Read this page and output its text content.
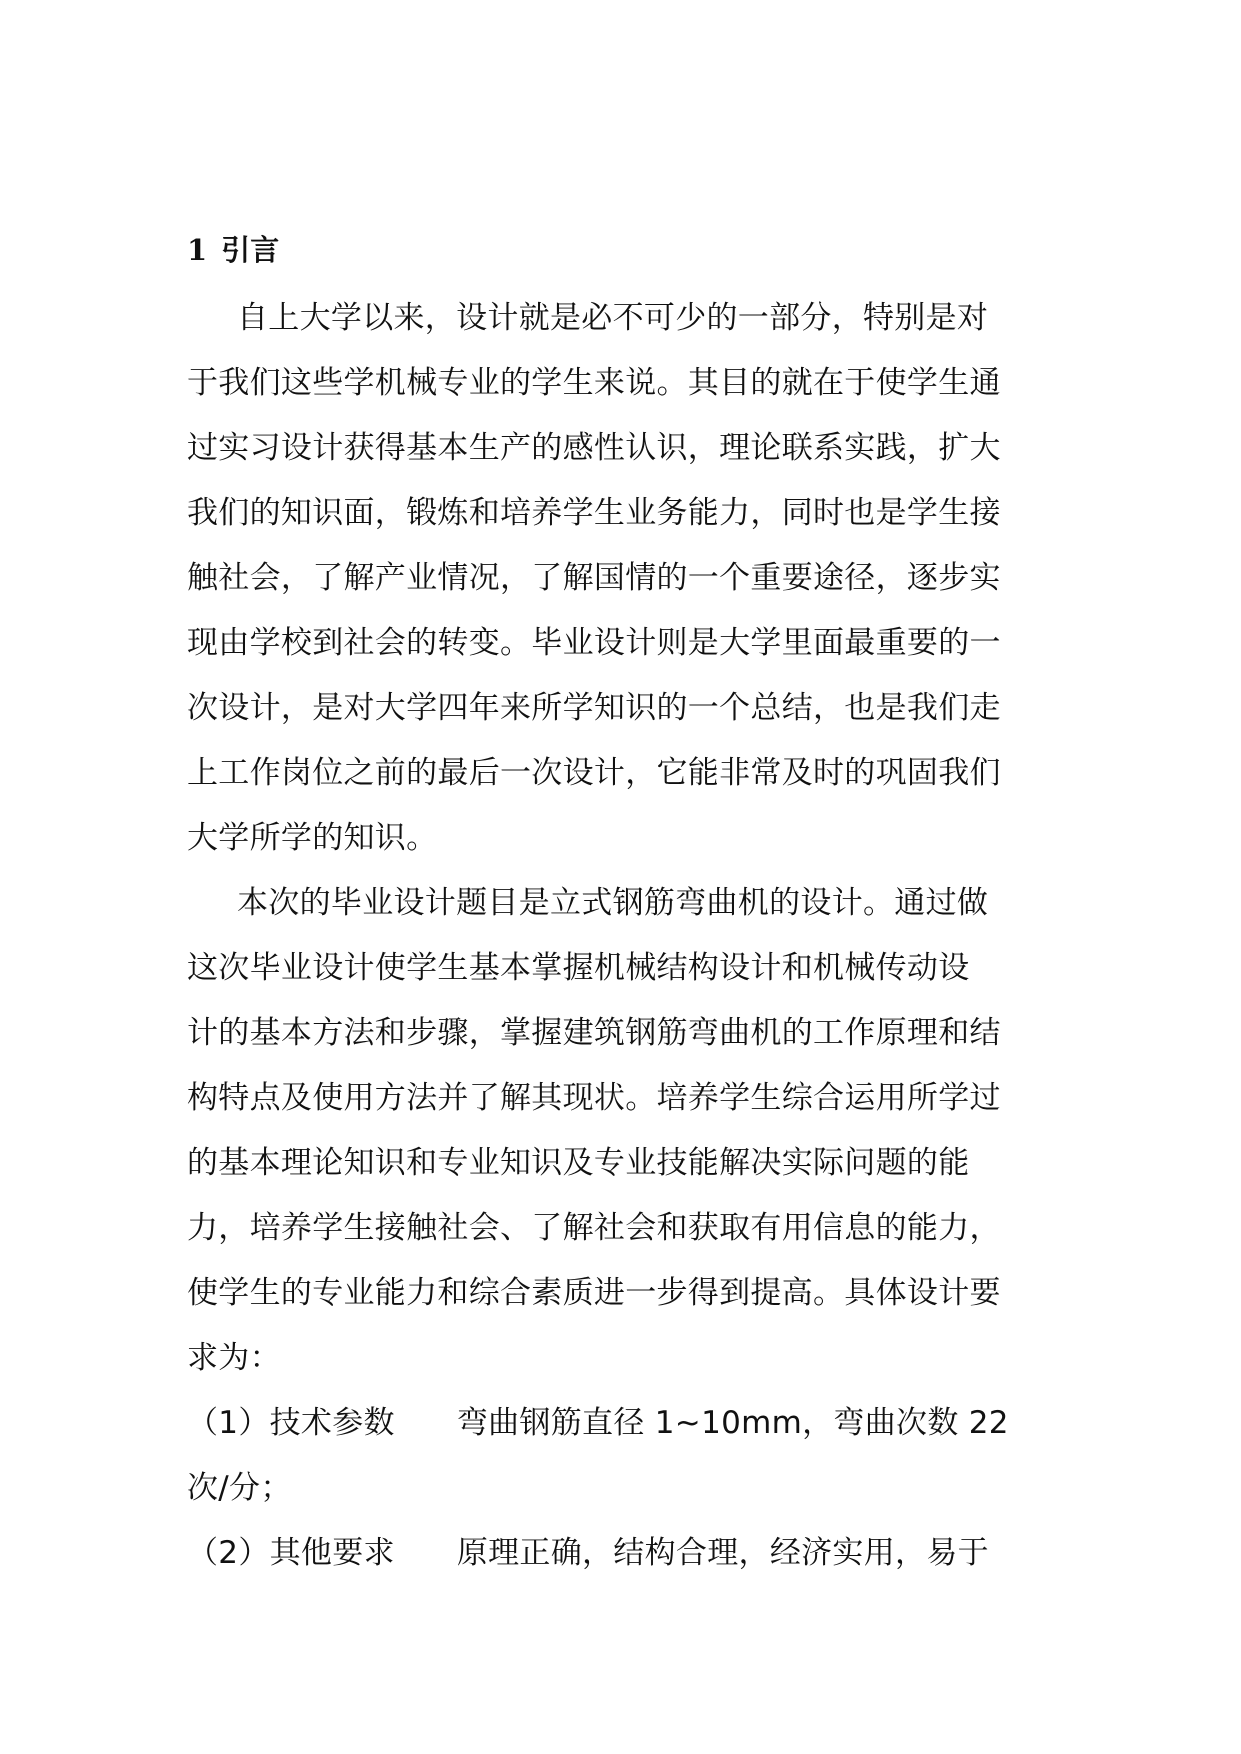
1 引言
自上大学以来，设计就是必不可少的一部分，特别是对
于我们这些学机械专业的学生来说。其目的就在于使学生通
过实习设计获得基本生产的感性认识，理论联系实践，扩大
我们的知识面，锻炼和培养学生业务能力，同时也是学生接
触社会，了解产业情况，了解国情的一个重要途径，逐步实
现由学校到社会的转变。毕业设计则是大学里面最重要的一
次设计，是对大学四年来所学知识的一个总结，也是我们走
上工作岗位之前的最后一次设计，它能非常及时的巩固我们
大学所学的知识。
本次的毕业设计题目是立式钢筋弯曲机的设计。通过做
这次毕业设计使学生基本掌握机械结构设计和机械传动设
计的基本方法和步骤，掌握建筑钢筋弯曲机的工作原理和结
构特点及使用方法并了解其现状。培养学生综合运用所学过
的基本理论知识和专业知识及专业技能解决实际问题的能
力，培养学生接触社会、了解社会和获取有用信息的能力，
使学生的专业能力和综合素质进一步得到提高。具体设计要
求为：
（1）技术参数 弯曲钢筋直径 1~10mm，弯曲次数 22
次/分；
（2）其他要求 原理正确，结构合理，经济实用，易于
